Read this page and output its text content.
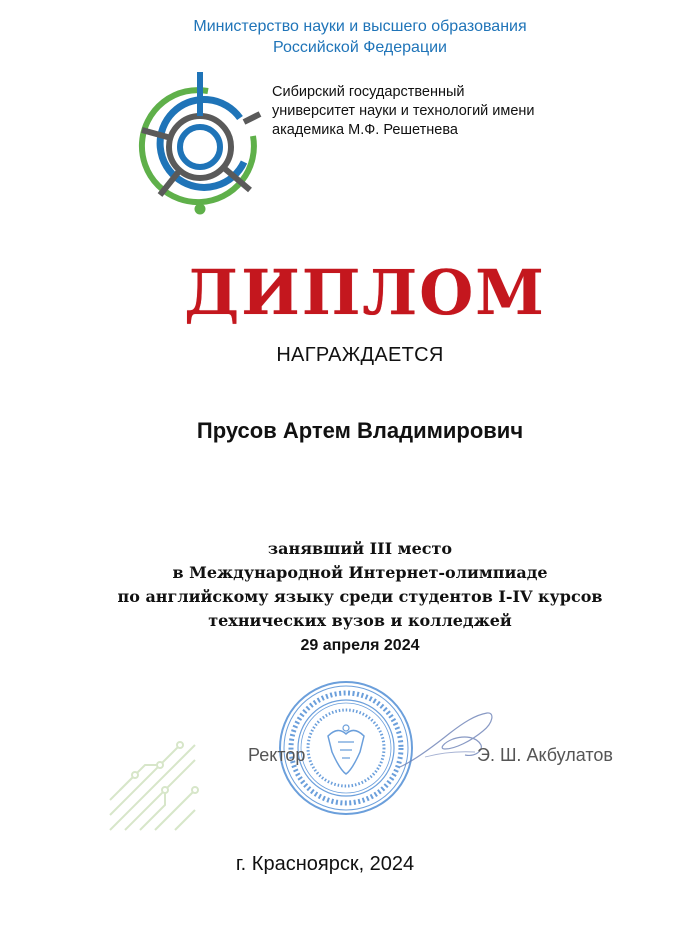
Министерство науки и высшего образования
Российской Федерации
Сибирский государственный
университет науки и технологий имени
академика М.Ф. Решетнева
ДИПЛОМ
НАГРАЖДАЕТСЯ
Прусов Артем Владимирович
занявший III место
в Международной Интернет-олимпиаде
по английскому языку среди студентов I-IV курсов
технических вузов и колледжей
29 апреля 2024
Ректор	Э. Ш. Акбулатов
г. Красноярск, 2024
